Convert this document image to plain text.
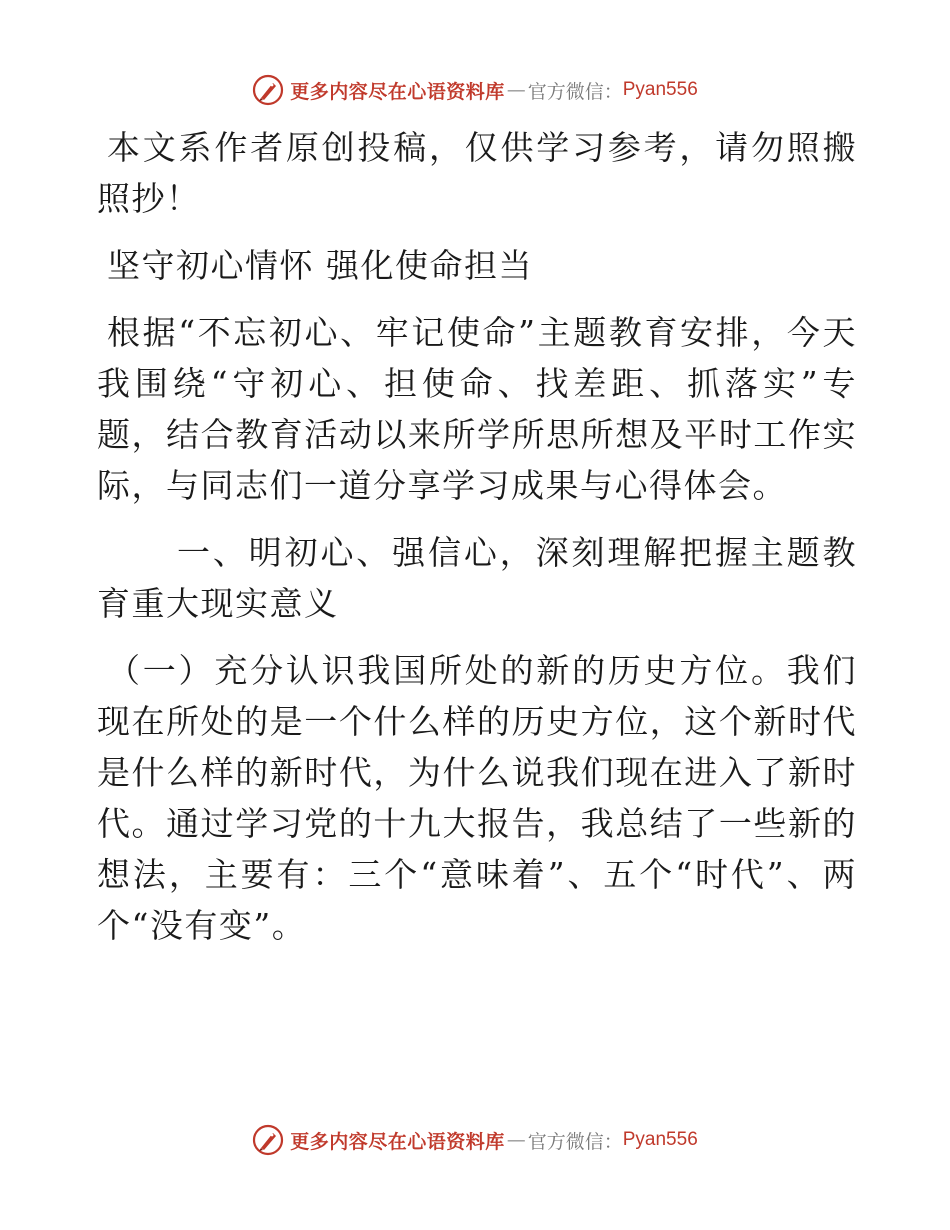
更多内容尽在心语资料库 — 官方微信： Pyan556

本文系作者原创投稿，仅供学习参考，请勿照搬照抄！

坚守初心情怀 强化使命担当

根据“不忘初心、牢记使命”主题教育安排，今天我围绕“守初心、担使命、找差距、抓落实”专题，结合教育活动以来所学所思所想及平时工作实际，与同志们一道分享学习成果与心得体会。

一、明初心、强信心，深刻理解把握主题教育重大现实意义

（一）充分认识我国所处的新的历史方位。我们现在所处的是一个什么样的历史方位，这个新时代是什么样的新时代，为什么说我们现在进入了新时代。通过学习党的十九大报告，我总结了一些新的想法，主要有：三个“意味着”、五个“时代”、两个“没有变”。

更多内容尽在心语资料库 — 官方微信： Pyan556
